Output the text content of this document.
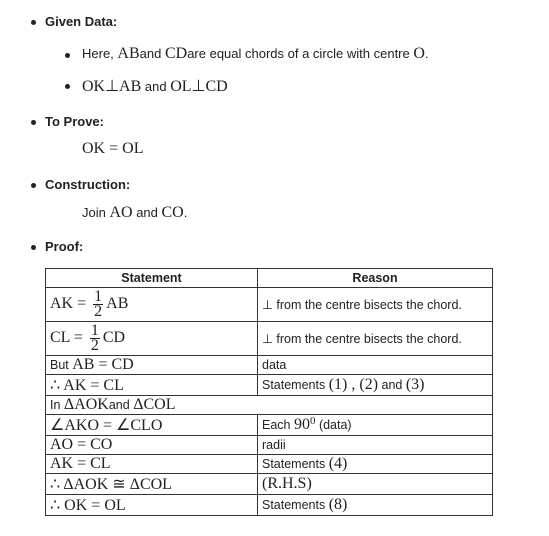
Given Data:
Here, ABand CDare equal chords of a circle with centre O.
OK⊥AB and OL⊥CD
To Prove:
OK = OL
Construction:
Join AO and CO.
Proof:
Statement	Reason
AK = $\frac{1}{2}$ AB	⊥ from the centre bisects the chord.
CL = $\frac{1}{2}$ CD	⊥ from the centre bisects the chord.
But AB = CD	data
∴ AK = CL	Statements (1) , (2) and (3)
In ΔAOKand ΔCOL	
∠AKO = ∠CLO	Each $90^0$ (data)
AO = CO	radii
AK = CL	Statements (4)
∴ ΔAOK ≅ ΔCOL	(R.H.S)
∴ OK = OL	Statements (8)
